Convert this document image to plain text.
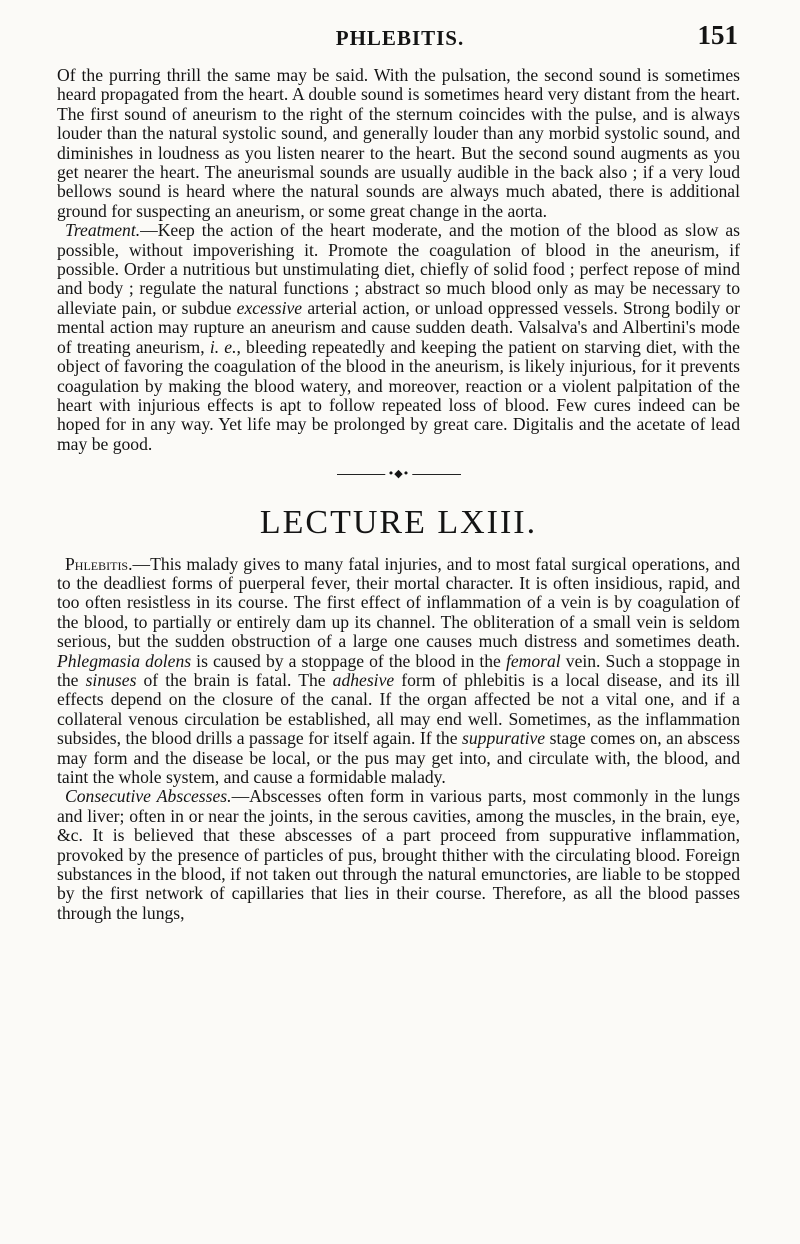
PHLEBITIS.	151

Of the purring thrill the same may be said. With the pulsation, the second sound is sometimes heard propagated from the heart. A double sound is sometimes heard very distant from the heart. The first sound of aneurism to the right of the sternum coincides with the pulse, and is always louder than the natural systolic sound, and generally louder than any morbid systolic sound, and diminishes in loudness as you listen nearer to the heart. But the second sound augments as you get nearer the heart. The aneurismal sounds are usually audible in the back also ; if a very loud bellows sound is heard where the natural sounds are always much abated, there is additional ground for suspecting an aneurism, or some great change in the aorta.

Treatment.—Keep the action of the heart moderate, and the motion of the blood as slow as possible, without impoverishing it. Promote the coagulation of blood in the aneurism, if possible. Order a nutritious but unstimulating diet, chiefly of solid food ; perfect repose of mind and body ; regulate the natural functions ; abstract so much blood only as may be necessary to alleviate pain, or subdue excessive arterial action, or unload oppressed vessels. Strong bodily or mental action may rupture an aneurism and cause sudden death. Valsalva's and Albertini's mode of treating aneurism, i. e., bleeding repeatedly and keeping the patient on starving diet, with the object of favoring the coagulation of the blood in the aneurism, is likely injurious, for it prevents coagulation by making the blood watery, and moreover, reaction or a violent palpitation of the heart with injurious effects is apt to follow repeated loss of blood. Few cures indeed can be hoped for in any way. Yet life may be prolonged by great care. Digitalis and the acetate of lead may be good.

•◆•
LECTURE LXIII.

Phlebitis.—This malady gives to many fatal injuries, and to most fatal surgical operations, and to the deadliest forms of puerperal fever, their mortal character. It is often insidious, rapid, and too often resistless in its course. The first effect of inflammation of a vein is by coagulation of the blood, to partially or entirely dam up its channel. The obliteration of a small vein is seldom serious, but the sudden obstruction of a large one causes much distress and sometimes death. Phlegmasia dolens is caused by a stoppage of the blood in the femoral vein. Such a stoppage in the sinuses of the brain is fatal. The adhesive form of phlebitis is a local disease, and its ill effects depend on the closure of the canal. If the organ affected be not a vital one, and if a collateral venous circulation be established, all may end well. Sometimes, as the inflammation subsides, the blood drills a passage for itself again. If the suppurative stage comes on, an abscess may form and the disease be local, or the pus may get into, and circulate with, the blood, and taint the whole system, and cause a formidable malady.

Consecutive Abscesses.—Abscesses often form in various parts, most commonly in the lungs and liver; often in or near the joints, in the serous cavities, among the muscles, in the brain, eye, &c. It is believed that these abscesses of a part proceed from suppurative inflammation, provoked by the presence of particles of pus, brought thither with the circulating blood. Foreign substances in the blood, if not taken out through the natural emunctories, are liable to be stopped by the first network of capillaries that lies in their course. Therefore, as all the blood passes through the lungs,
